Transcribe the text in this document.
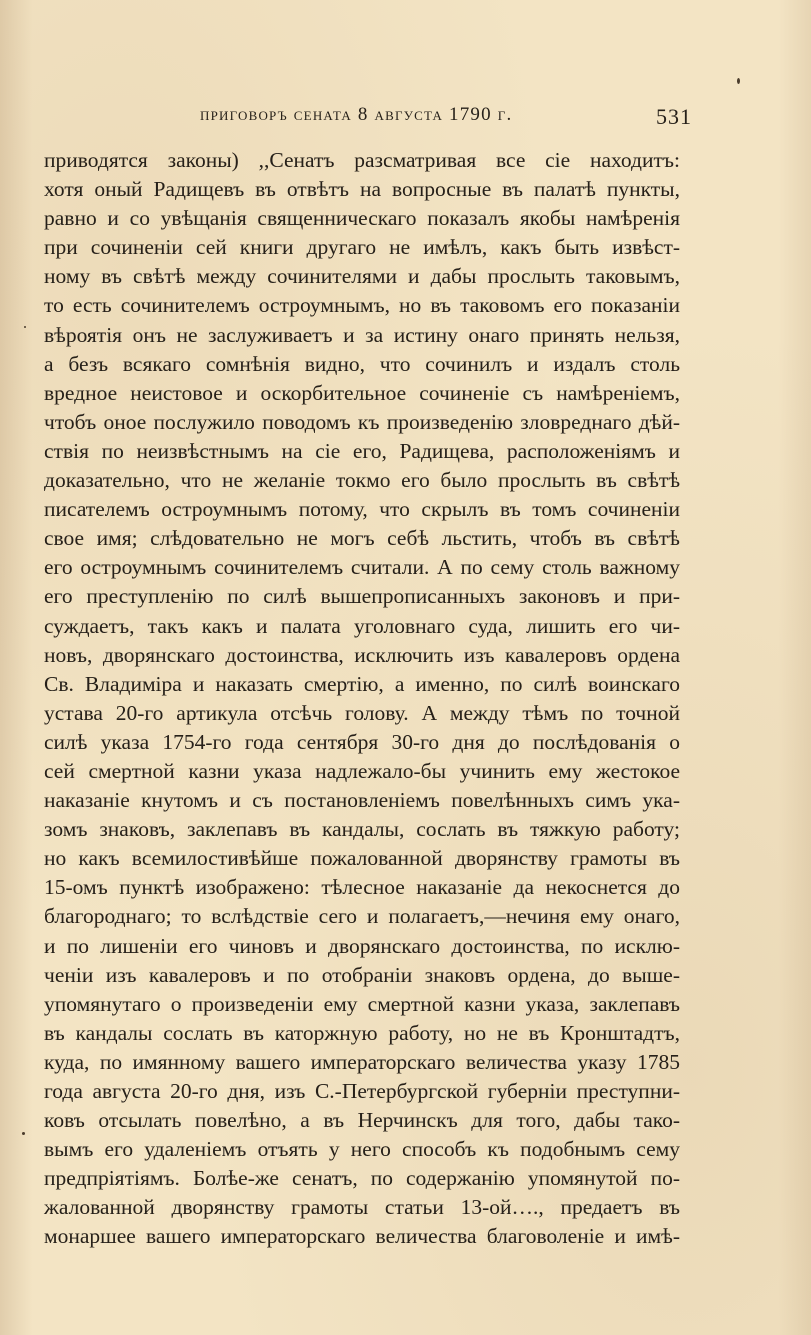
приговоръ сената 8 августа 1790 г.	531
приводятся законы) ,,Сенатъ разсматривая все сіе находитъ:
хотя оный Радищевъ въ отвѣтъ на вопросные въ палатѣ пункты,
равно и со увѣщанія священническаго показалъ якобы намѣренія
при сочиненіи сей книги другаго не имѣлъ, какъ быть извѣст-
ному въ свѣтѣ между сочинителями и дабы прослыть таковымъ,
то есть сочинителемъ остроумнымъ, но въ таковомъ его показаніи
вѣроятія онъ не заслуживаетъ и за истину онаго принять нельзя,
а безъ всякаго сомнѣнія видно, что сочинилъ и издалъ столь
вредное неистовое и оскорбительное сочиненіе съ намѣреніемъ,
чтобъ оное послужило поводомъ къ произведенію зловреднаго дѣй-
ствія по неизвѣстнымъ на сіе его, Радищева, расположеніямъ и
доказательно, что не желаніе токмо его было прослыть въ свѣтѣ
писателемъ остроумнымъ потому, что скрылъ въ томъ сочиненіи
свое имя; слѣдовательно не могъ себѣ льстить, чтобъ въ свѣтѣ
его остроумнымъ сочинителемъ считали. А по сему столь важному
его преступленію по силѣ вышепрописанныхъ законовъ и при-
суждаетъ, такъ какъ и палата уголовнаго суда, лишить его чи-
новъ, дворянскаго достоинства, исключить изъ кавалеровъ ордена
Св. Владиміра и наказать смертію, а именно, по силѣ воинскаго
устава 20-го артикула отсѣчь голову. А между тѣмъ по точной
силѣ указа 1754-го года сентября 30-го дня до послѣдованія о
сей смертной казни указа надлежало-бы учинить ему жестокое
наказаніе кнутомъ и съ постановленіемъ повелѣнныхъ симъ ука-
зомъ знаковъ, заклепавъ въ кандалы, сослать въ тяжкую работу;
но какъ всемилостивѣйше пожалованной дворянству грамоты въ
15-омъ пунктѣ изображено: тѣлесное наказаніе да некоснется до
благороднаго; то вслѣдствіе сего и полагаетъ,—нечиня ему онаго,
и по лишеніи его чиновъ и дворянскаго достоинства, по исклю-
ченіи изъ кавалеровъ и по отобраніи знаковъ ордена, до выше-
упомянутаго о произведеніи ему смертной казни указа, заклепавъ
въ кандалы сослать въ каторжную работу, но не въ Кронштадтъ,
куда, по имянному вашего императорскаго величества указу 1785
года августа 20-го дня, изъ С.-Петербургской губерніи преступни-
ковъ отсылать повелѣно, а въ Нерчинскъ для того, дабы тако-
вымъ его удаленіемъ отъять у него способъ къ подобнымъ сему
предпріятіямъ. Болѣе-же сенатъ, по содержанію упомянутой по-
жалованной дворянству грамоты статьи 13-ой…., предаетъ въ
монаршее вашего императорскаго величества благоволеніе и имѣ-
